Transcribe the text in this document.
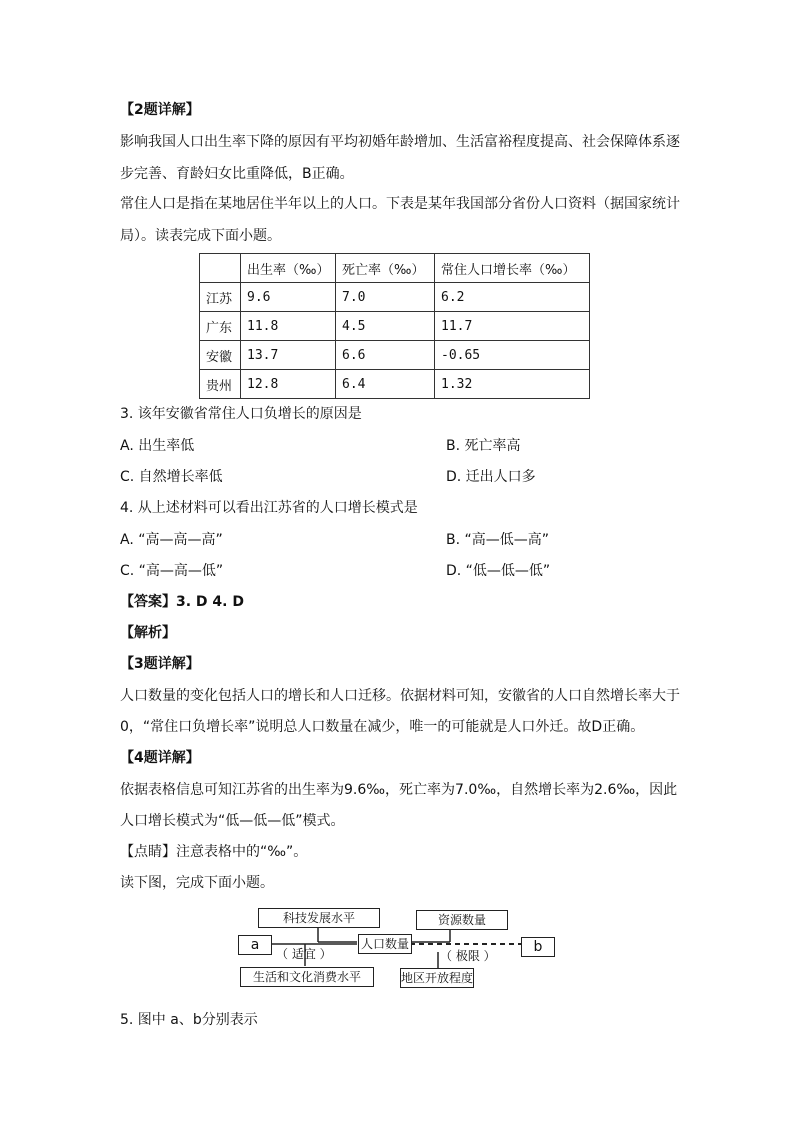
【2题详解】
影响我国人口出生率下降的原因有平均初婚年龄增加、生活富裕程度提高、社会保障体系逐
步完善、育龄妇女比重降低，B正确。
常住人口是指在某地居住半年以上的人口。下表是某年我国部分省份人口资料（据国家统计
局）。读表完成下面小题。
	出生率（‰）	死亡率（‰）	常住人口增长率（‰）
江苏	9.6	7.0	6.2
广东	11.8	4.5	11.7
安徽	13.7	6.6	-0.65
贵州	12.8	6.4	1.32
3. 该年安徽省常住人口负增长的原因是
A. 出生率低	B. 死亡率高
C. 自然增长率低	D. 迁出人口多
4. 从上述材料可以看出江苏省的人口增长模式是
A. “高—高—高”	B. “高—低—高”
C. “高—高—低”	D. “低—低—低”
【答案】3. D 4. D
【解析】
【3题详解】
人口数量的变化包括人口的增长和人口迁移。依据材料可知，安徽省的人口自然增长率大于
0，“常住口负增长率”说明总人口数量在减少，唯一的可能就是人口外迁。故D正确。
【4题详解】
依据表格信息可知江苏省的出生率为9.6‰，死亡率为7.0‰，自然增长率为2.6‰，因此
人口增长模式为“低—低—低”模式。
【点睛】注意表格中的“‰”。
读下图，完成下面小题。
科技发展水平	资源数量
a	人口数量	b
（ 适宜 ）	（ 极限 ）
生活和文化消费水平	地区开放程度
5. 图中 a、b分别表示
